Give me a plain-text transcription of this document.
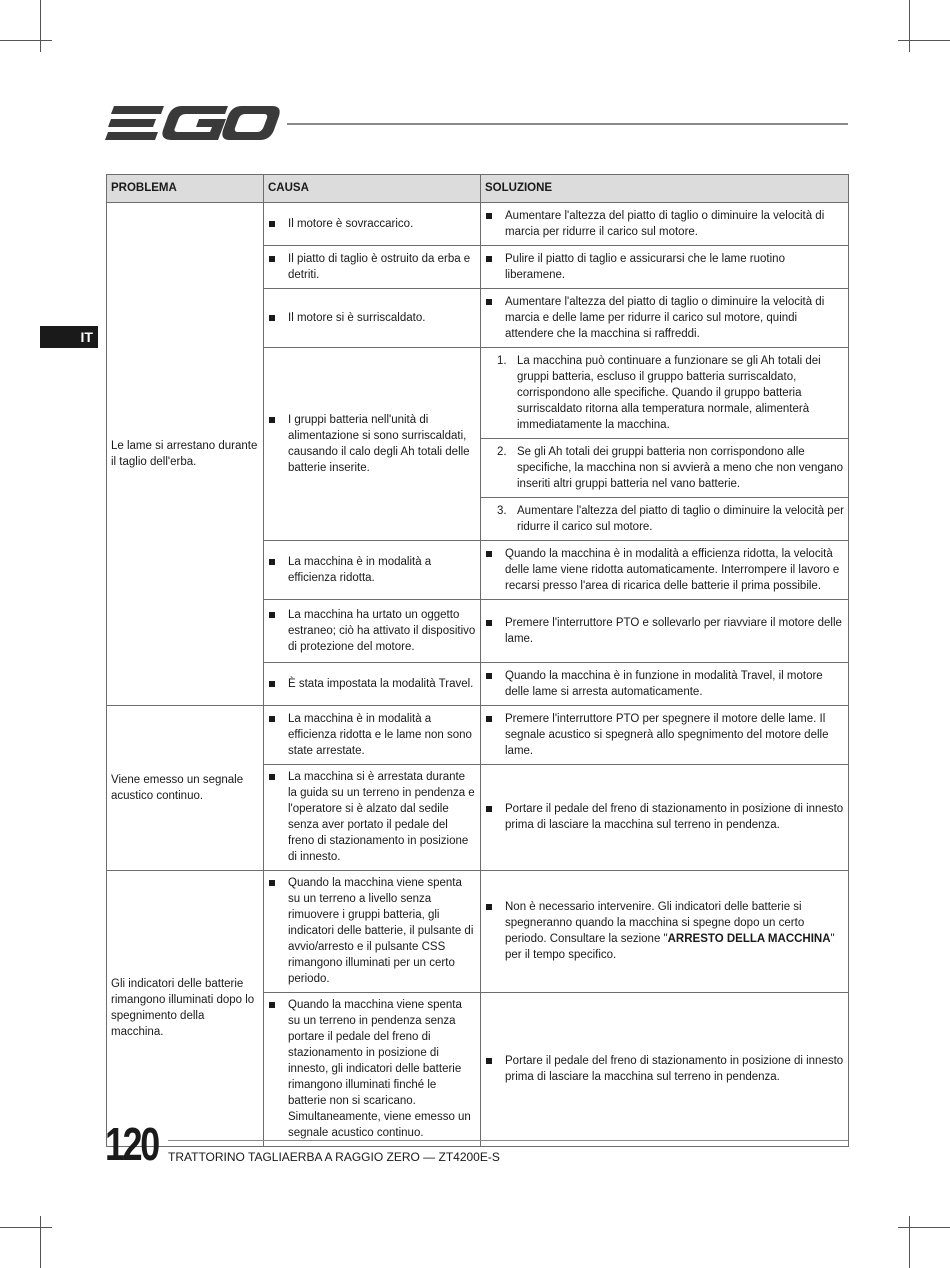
IT
PROBLEMA	CAUSA	SOLUZIONE
Le lame si arrestano durante il taglio dell'erba.	Il motore è sovraccarico.	Aumentare l'altezza del piatto di taglio o diminuire la velocità di marcia per ridurre il carico sul motore.

	Il piatto di taglio è ostruito da erba e detriti.	Pulire il piatto di taglio e assicurarsi che le lame ruotino liberamene.

	Il motore si è surriscaldato.	Aumentare l'altezza del piatto di taglio o diminuire la velocità di marcia e delle lame per ridurre il carico sul motore, quindi attendere che la macchina si raffreddi.

	I gruppi batteria nell'unità di alimentazione si sono surriscaldati, causando il calo degli Ah totali delle batterie inserite.	1. La macchina può continuare a funzionare se gli Ah totali dei gruppi batteria, escluso il gruppo batteria surriscaldato, corrispondono alle specifiche. Quando il gruppo batteria surriscaldato ritorna alla temperatura normale, alimenterà immediatamente la macchina.

		2. Se gli Ah totali dei gruppi batteria non corrispondono alle specifiche, la macchina non si avvierà a meno che non vengano inseriti altri gruppi batteria nel vano batterie.

		3. Aumentare l'altezza del piatto di taglio o diminuire la velocità per ridurre il carico sul motore.

	La macchina è in modalità a efficienza ridotta.	Quando la macchina è in modalità a efficienza ridotta, la velocità delle lame viene ridotta automaticamente. Interrompere il lavoro e recarsi presso l'area di ricarica delle batterie il prima possibile.

	La macchina ha urtato un oggetto estraneo; ciò ha attivato il dispositivo di protezione del motore.	Premere l'interruttore PTO e sollevarlo per riavviare il motore delle lame.

	È stata impostata la modalità Travel.	Quando la macchina è in funzione in modalità Travel, il motore delle lame si arresta automaticamente.

Viene emesso un segnale acustico continuo.	La macchina è in modalità a efficienza ridotta e le lame non sono state arrestate.	Premere l'interruttore PTO per spegnere il motore delle lame. Il segnale acustico si spegnerà allo spegnimento del motore delle lame.

	La macchina si è arrestata durante la guida su un terreno in pendenza e l'operatore si è alzato dal sedile senza aver portato il pedale del freno di stazionamento in posizione di innesto.	Portare il pedale del freno di stazionamento in posizione di innesto prima di lasciare la macchina sul terreno in pendenza.

Gli indicatori delle batterie rimangono illuminati dopo lo spegnimento della macchina.	Quando la macchina viene spenta su un terreno a livello senza rimuovere i gruppi batteria, gli indicatori delle batterie, il pulsante di avvio/arresto e il pulsante CSS rimangono illuminati per un certo periodo.	Non è necessario intervenire. Gli indicatori delle batterie si spegneranno quando la macchina si spegne dopo un certo periodo. Consultare la sezione "ARRESTO DELLA MACCHINA" per il tempo specifico.

	Quando la macchina viene spenta su un terreno in pendenza senza portare il pedale del freno di stazionamento in posizione di innesto, gli indicatori delle batterie rimangono illuminati finché le batterie non si scaricano. Simultaneamente, viene emesso un segnale acustico continuo.	Portare il pedale del freno di stazionamento in posizione di innesto prima di lasciare la macchina sul terreno in pendenza.
120 TRATTORINO TAGLIAERBA A RAGGIO ZERO — ZT4200E-S
